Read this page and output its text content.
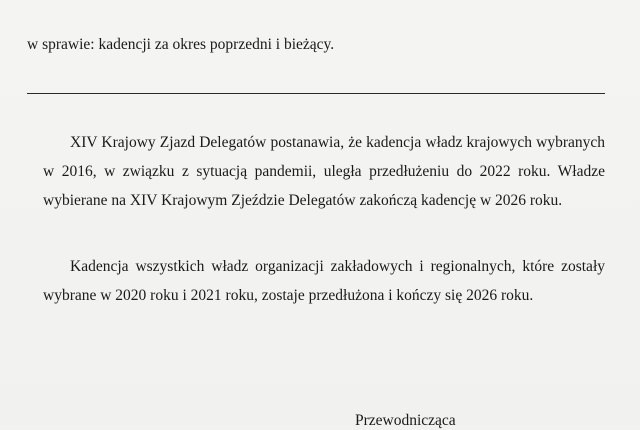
w sprawie: kadencji za okres poprzedni i bieżący.

XIV Krajowy Zjazd Delegatów postanawia, że kadencja władz krajowych wybranych w 2016, w związku z sytuacją pandemii, uległa przedłużeniu do 2022 roku. Władze wybierane na XIV Krajowym Zjeździe Delegatów zakończą kadencję w 2026 roku.

Kadencja wszystkich władz organizacji zakładowych i regionalnych, które zostały wybrane w 2020 roku i 2021 roku, zostaje przedłużona i kończy się 2026 roku.

Przewodnicząca
